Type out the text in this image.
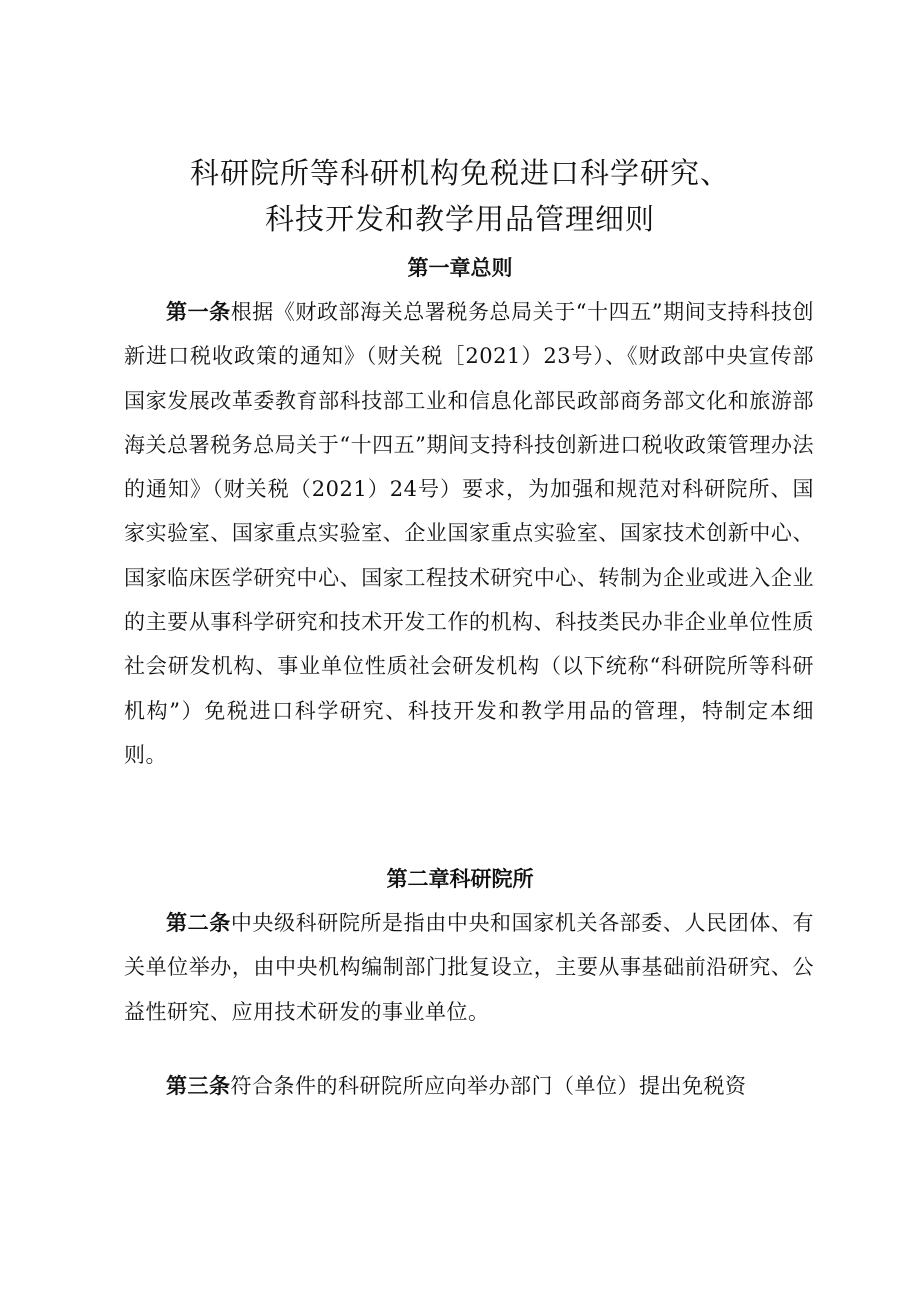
科研院所等科研机构免税进口科学研究、
科技开发和教学用品管理细则
第一章总则

第一条根据《财政部海关总署税务总局关于“十四五”期间支持科技创新进口税收政策的通知》（财关税［2021）23号）、《财政部中央宣传部国家发展改革委教育部科技部工业和信息化部民政部商务部文化和旅游部海关总署税务总局关于“十四五”期间支持科技创新进口税收政策管理办法的通知》（财关税（2021）24号）要求，为加强和规范对科研院所、国家实验室、国家重点实验室、企业国家重点实验室、国家技术创新中心、国家临床医学研究中心、国家工程技术研究中心、转制为企业或进入企业的主要从事科学研究和技术开发工作的机构、科技类民办非企业单位性质社会研发机构、事业单位性质社会研发机构（以下统称“科研院所等科研机构”）免税进口科学研究、科技开发和教学用品的管理，特制定本细则。

第二章科研院所

第二条中央级科研院所是指由中央和国家机关各部委、人民团体、有关单位举办，由中央机构编制部门批复设立，主要从事基础前沿研究、公益性研究、应用技术研发的事业单位。

第三条符合条件的科研院所应向举办部门（单位）提出免税资
